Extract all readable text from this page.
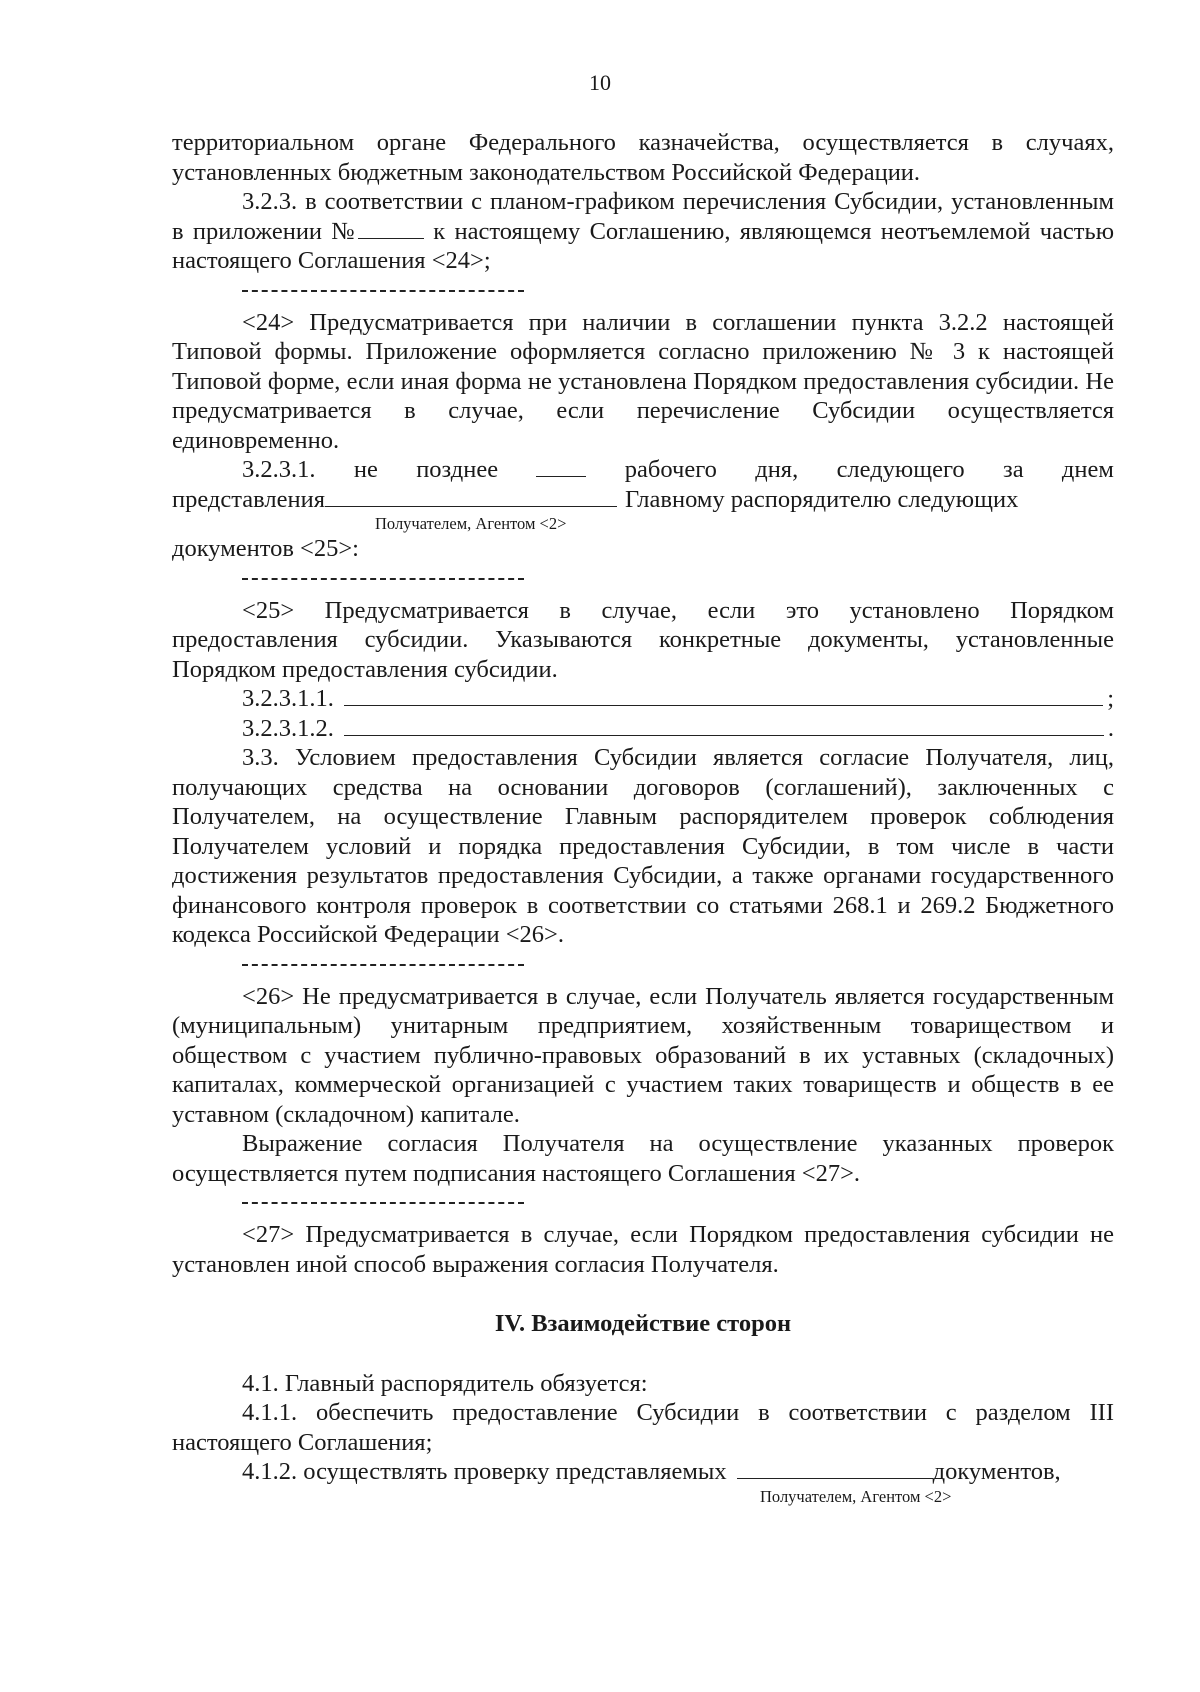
10

территориальном органе Федерального казначейства, осуществляется в случаях, установленных бюджетным законодательством Российской Федерации.

3.2.3. в соответствии с планом-графиком перечисления Субсидии, установленным в приложении №	к настоящему Соглашению, являющемся неотъемлемой частью настоящего Соглашения <24>;

<24> Предусматривается при наличии в соглашении пункта 3.2.2 настоящей Типовой формы. Приложение оформляется согласно приложению № 3 к настоящей Типовой форме, если иная форма не установлена Порядком предоставления субсидии. Не предусматривается в случае, если перечисление Субсидии осуществляется единовременно.

3.2.3.1. не позднее	рабочего дня, следующего за днем
представления	Главному распорядителю следующих
Получателем, Агентом <2>
документов <25>:

<25> Предусматривается в случае, если это установлено Порядком предоставления субсидии. Указываются конкретные документы, установленные Порядком предоставления субсидии.

3.2.3.1.1.	;
3.2.3.1.2.	.

3.3. Условием предоставления Субсидии является согласие Получателя, лиц, получающих средства на основании договоров (соглашений), заключенных с Получателем, на осуществление Главным распорядителем проверок соблюдения Получателем условий и порядка предоставления Субсидии, в том числе в части достижения результатов предоставления Субсидии, а также органами государственного финансового контроля проверок в соответствии со статьями 268.1 и 269.2 Бюджетного кодекса Российской Федерации <26>.

<26> Не предусматривается в случае, если Получатель является государственным (муниципальным) унитарным предприятием, хозяйственным товариществом и обществом с участием публично-правовых образований в их уставных (складочных) капиталах, коммерческой организацией с участием таких товариществ и обществ в ее уставном (складочном) капитале.

Выражение согласия Получателя на осуществление указанных проверок осуществляется путем подписания настоящего Соглашения <27>.

<27> Предусматривается в случае, если Порядком предоставления субсидии не установлен иной способ выражения согласия Получателя.

IV. Взаимодействие сторон

4.1. Главный распорядитель обязуется:

4.1.1. обеспечить предоставление Субсидии в соответствии с разделом III настоящего Соглашения;

4.1.2. осуществлять проверку представляемых	документов,
Получателем, Агентом <2>
